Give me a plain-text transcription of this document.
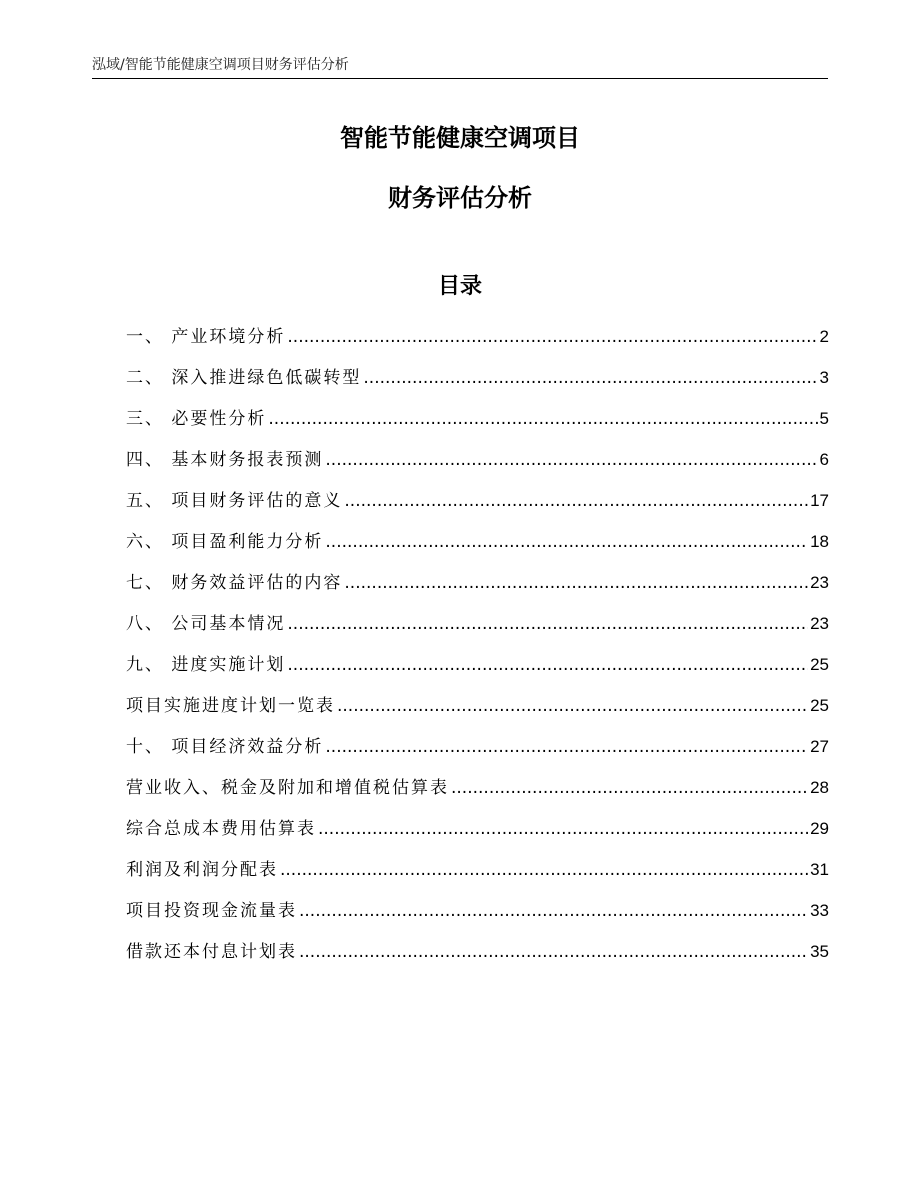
泓域/智能节能健康空调项目财务评估分析
智能节能健康空调项目
财务评估分析
目录
一、 产业环境分析 .....	2
二、 深入推进绿色低碳转型 .....	3
三、 必要性分析 .....	5
四、 基本财务报表预测 .....	6
五、 项目财务评估的意义 .....	17
六、 项目盈利能力分析 .....	18
七、 财务效益评估的内容 .....	23
八、 公司基本情况 .....	23
九、 进度实施计划 .....	25
项目实施进度计划一览表 .....	25
十、 项目经济效益分析 .....	27
营业收入、税金及附加和增值税估算表 .....	28
综合总成本费用估算表 .....	29
利润及利润分配表 .....	31
项目投资现金流量表 .....	33
借款还本付息计划表 .....	35
